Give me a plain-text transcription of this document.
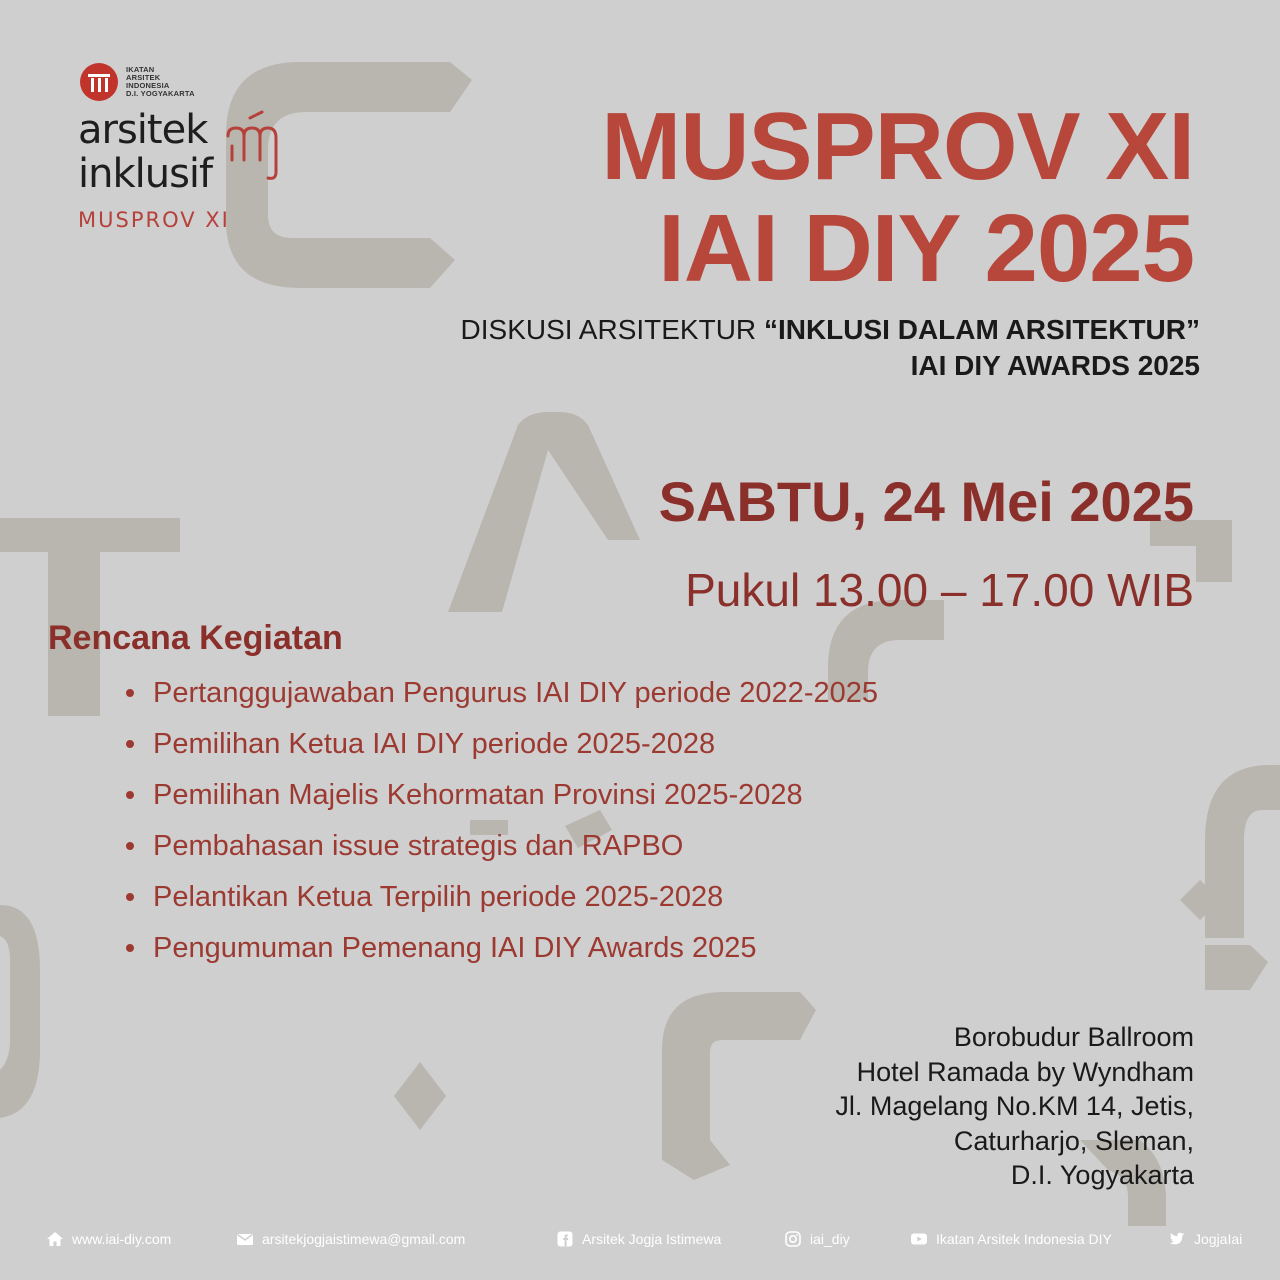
IKATAN
ARSITEK
INDONESIA
D.I. YOGYAKARTA
arsitek
inklusif
MUSPROV XI
MUSPROV XI
IAI DIY 2025
DISKUSI ARSITEKTUR “INKLUSI DALAM ARSITEKTUR”
IAI DIY AWARDS 2025
SABTU, 24 Mei 2025
Pukul 13.00 – 17.00 WIB
Rencana Kegiatan
Pertanggujawaban Pengurus IAI DIY periode 2022-2025
Pemilihan Ketua IAI DIY periode 2025-2028
Pemilihan Majelis Kehormatan Provinsi 2025-2028
Pembahasan issue strategis dan RAPBO
Pelantikan Ketua Terpilih periode 2025-2028
Pengumuman Pemenang IAI DIY Awards 2025
Borobudur Ballroom
Hotel Ramada by Wyndham
Jl. Magelang No.KM 14, Jetis,
Caturharjo, Sleman,
D.I. Yogyakarta
www.iai-diy.com	arsitekjogjaistimewa@gmail.com	Arsitek Jogja Istimewa	iai_diy	Ikatan Arsitek Indonesia DIY	JogjaIai
